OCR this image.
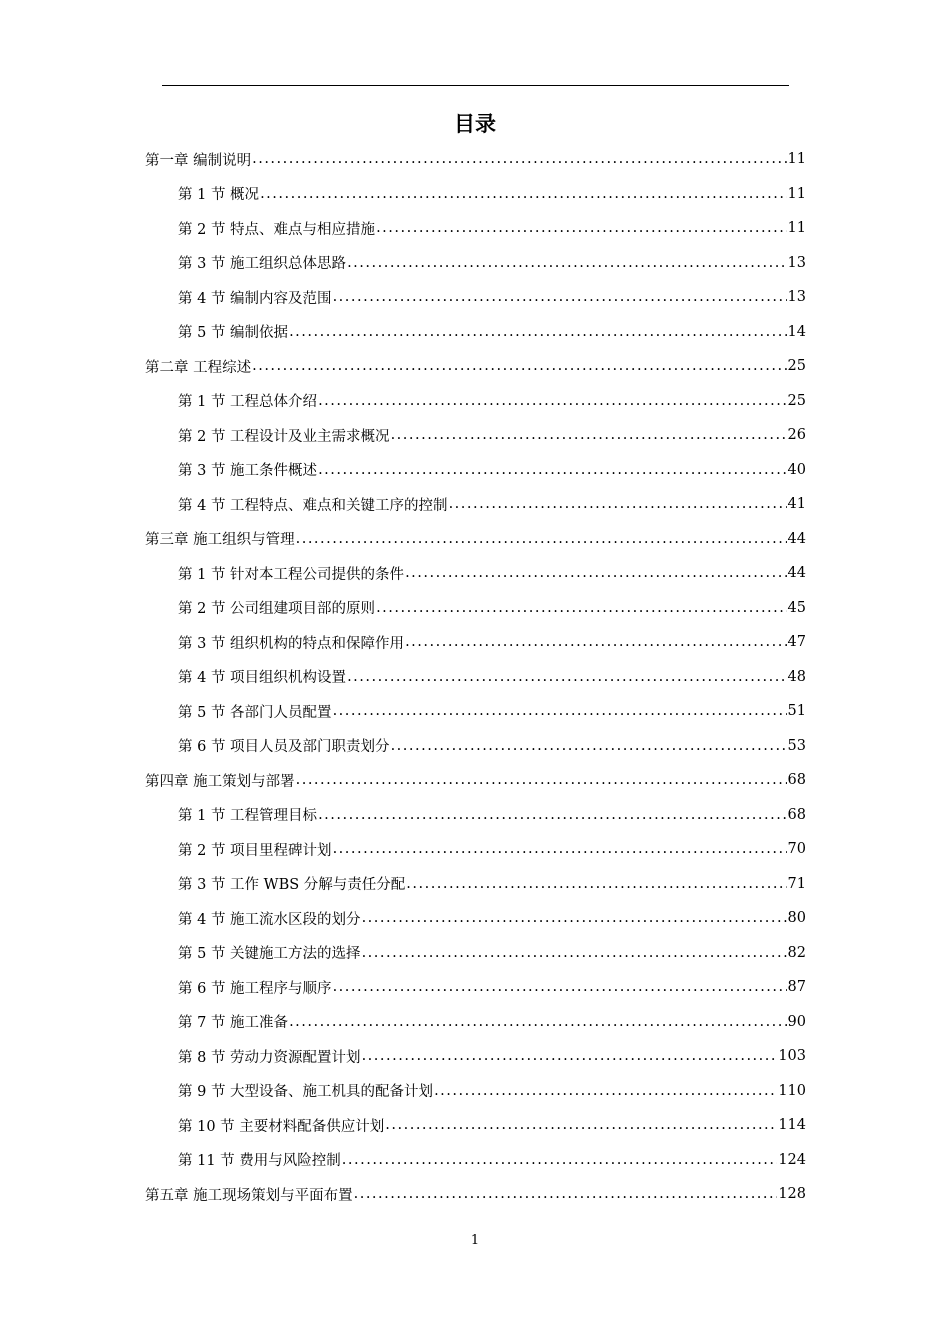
目录
第一章 编制说明 .....	11
第 1 节 概况 .....	11
第 2 节 特点、难点与相应措施 .....	11
第 3 节 施工组织总体思路 .....	13
第 4 节 编制内容及范围 .....	13
第 5 节 编制依据 .....	14
第二章 工程综述 .....	25
第 1 节 工程总体介绍 .....	25
第 2 节 工程设计及业主需求概况 .....	26
第 3 节 施工条件概述 .....	40
第 4 节 工程特点、难点和关键工序的控制 .....	41
第三章 施工组织与管理 .....	44
第 1 节 针对本工程公司提供的条件 .....	44
第 2 节 公司组建项目部的原则 .....	45
第 3 节 组织机构的特点和保障作用 .....	47
第 4 节 项目组织机构设置 .....	48
第 5 节 各部门人员配置 .....	51
第 6 节 项目人员及部门职责划分 .....	53
第四章 施工策划与部署 .....	68
第 1 节 工程管理目标 .....	68
第 2 节 项目里程碑计划 .....	70
第 3 节 工作 WBS 分解与责任分配 .....	71
第 4 节 施工流水区段的划分 .....	80
第 5 节 关键施工方法的选择 .....	82
第 6 节 施工程序与顺序 .....	87
第 7 节 施工准备 .....	90
第 8 节 劳动力资源配置计划 .....	103
第 9 节 大型设备、施工机具的配备计划 .....	110
第 10 节 主要材料配备供应计划 .....	114
第 11 节 费用与风险控制 .....	124
第五章 施工现场策划与平面布置 .....	128
1
